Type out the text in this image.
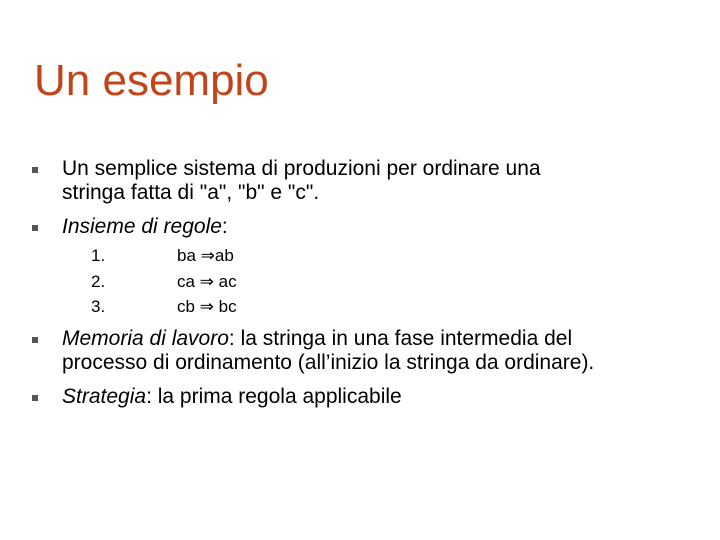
Un esempio
Un semplice sistema di produzioni per ordinare una
stringa fatta di "a", "b" e "c".
Insieme di regole:
1.	ba ⇒ab
2.	ca ⇒ ac
3.	cb ⇒ bc
Memoria di lavoro: la stringa in una fase intermedia del
processo di ordinamento (all’inizio la stringa da ordinare).
Strategia: la prima regola applicabile
